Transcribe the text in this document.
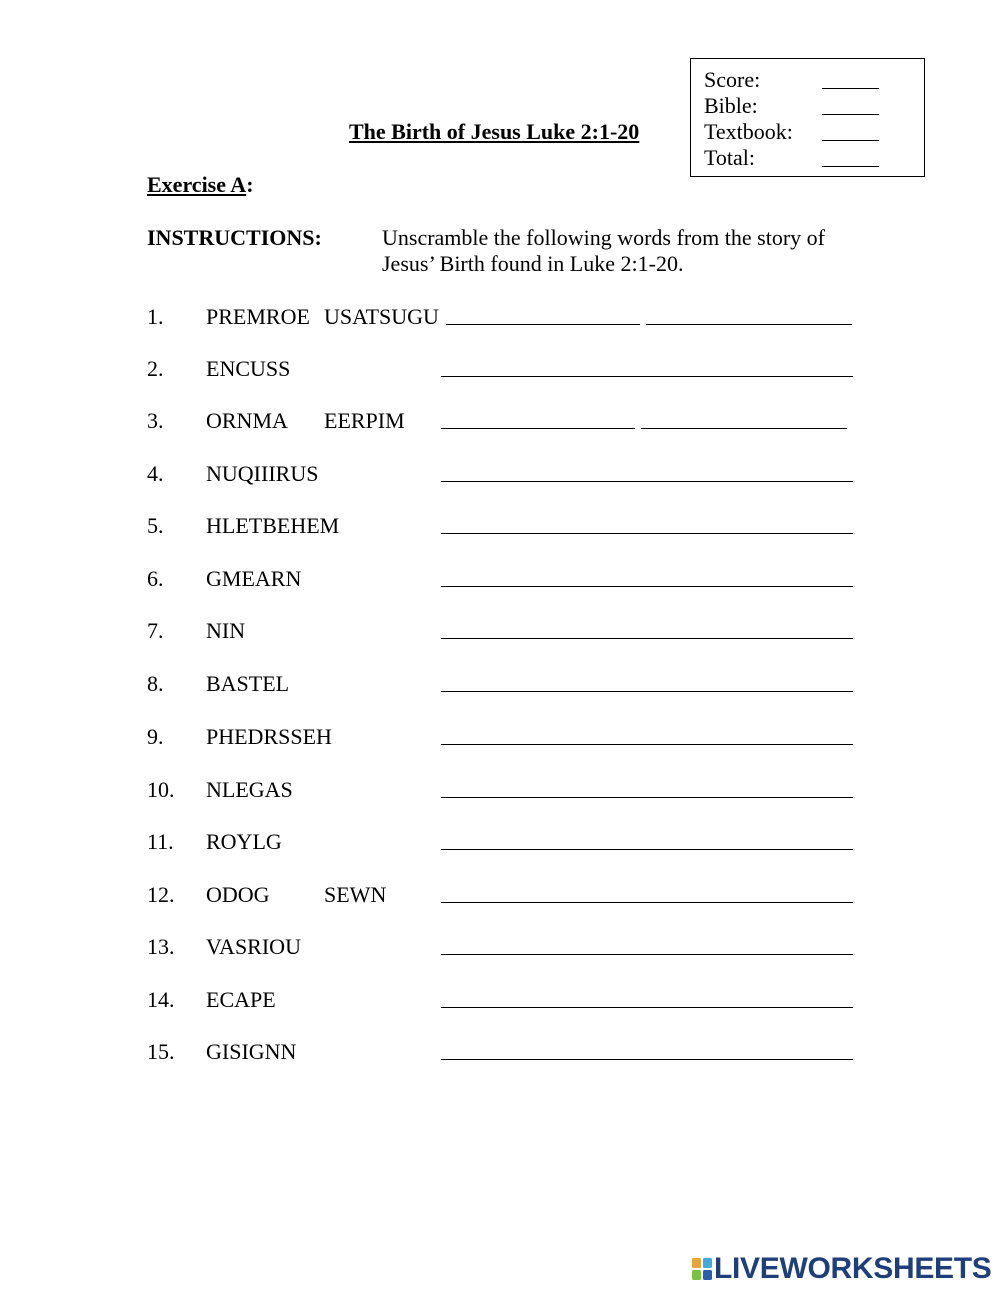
Score:
Bible:
Textbook:
Total:
The Birth of Jesus Luke 2:1-20
Exercise A:
INSTRUCTIONS:	Unscramble the following words from the story of Jesus’ Birth found in Luke 2:1-20.
1. PREMROE USATSUGU
2. ENCUSS
3. ORNMA EERPIM
4. NUQIIIRUS
5. HLETBEHEM
6. GMEARN
7. NIN
8. BASTEL
9. PHEDRSSEH
10. NLEGAS
11. ROYLG
12. ODOG SEWN
13. VASRIOU
14. ECAPE
15. GISIGNN
LIVEWORKSHEETS
